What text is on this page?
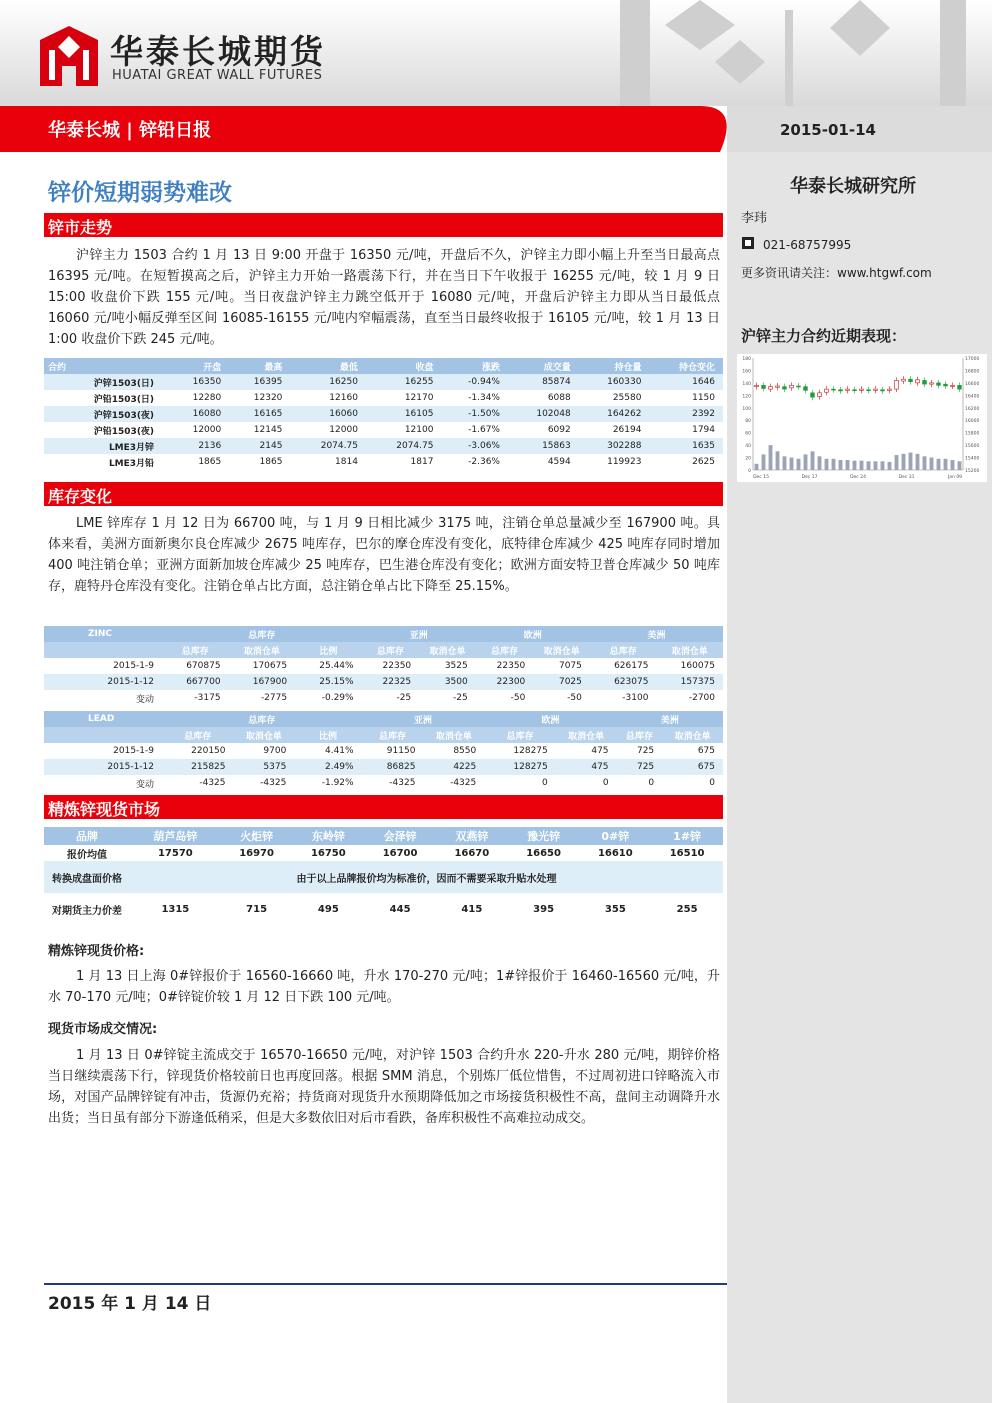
华泰长城期货
HUATAI GREAT WALL FUTURES
华泰长城 | 锌铅日报	2015-01-14
华泰长城研究所
李玮
021-68757995
更多资讯请关注：www.htgwf.com
沪锌主力合约近期表现：
180
160
140
120
100
80
60
40
20
0
17000
16800
16600
16400
16200
16000
15800
15600
15400
15200
Dec 15	Dec 17	Dec 24	Dec 31	Jan 09
锌价短期弱势难改
锌市走势

沪锌主力 1503 合约 1 月 13 日 9:00 开盘于 16350 元/吨，开盘后不久，沪锌主力即小幅上升至当日最高点 16395 元/吨。在短暂摸高之后，沪锌主力开始一路震荡下行，并在当日下午收报于 16255 元/吨，较 1 月 9 日 15:00 收盘价下跌 155 元/吨。当日夜盘沪锌主力跳空低开于 16080 元/吨，开盘后沪锌主力即从当日最低点 16060 元/吨小幅反弹至区间 16085-16155 元/吨内窄幅震荡，直至当日最终收报于 16105 元/吨，较 1 月 13 日 1:00 收盘价下跌 245 元/吨。

合约	开盘	最高	最低	收盘	涨跌	成交量	持仓量	持仓变化
沪锌1503(日)	16350	16395	16250	16255	-0.94%	85874	160330	1646
沪铅1503(日)	12280	12320	12160	12170	-1.34%	6088	25580	1150
沪锌1503(夜)	16080	16165	16060	16105	-1.50%	102048	164262	2392
沪铅1503(夜)	12000	12145	12000	12100	-1.67%	6092	26194	1794
LME3月锌	2136	2145	2074.75	2074.75	-3.06%	15863	302288	1635
LME3月铅	1865	1865	1814	1817	-2.36%	4594	119923	2625
库存变化

LME 锌库存 1 月 12 日为 66700 吨，与 1 月 9 日相比减少 3175 吨，注销仓单总量减少至 167900 吨。具体来看，美洲方面新奥尔良仓库减少 2675 吨库存，巴尔的摩仓库没有变化，底特律仓库减少 425 吨库存同时增加 400 吨注销仓单；亚洲方面新加坡仓库减少 25 吨库存，巴生港仓库没有变化；欧洲方面安特卫普仓库减少 50 吨库存，鹿特丹仓库没有变化。注销仓单占比方面，总注销仓单占比下降至 25.15%。

ZINC	总库存			亚洲		欧洲		美洲	
	总库存	取消仓单	比例	总库存	取消仓单	总库存	取消仓单	总库存	取消仓单
2015-1-9	670875	170675	25.44%	22350	3525	22350	7075	626175	160075
2015-1-12	667700	167900	25.15%	22325	3500	22300	7025	623075	157375
变动	-3175	-2775	-0.29%	-25	-25	-50	-50	-3100	-2700
LEAD	总库存			亚洲		欧洲		美洲	
	总库存	取消仓单	比例	总库存	取消仓单	总库存	取消仓单	总库存	取消仓单
2015-1-9	220150	9700	4.41%	91150	8550	128275	475	725	675
2015-1-12	215825	5375	2.49%	86825	4225	128275	475	725	675
变动	-4325	-4325	-1.92%	-4325	-4325	0	0	0	0
精炼锌现货市场
品牌	葫芦岛锌	火炬锌	东岭锌	会泽锌	双燕锌	豫光锌	0#锌	1#锌
报价均值	17570	16970	16750	16700	16670	16650	16610	16510
转换成盘面价格	由于以上品牌报价均为标准价，因而不需要采取升贴水处理							
对期货主力价差	1315	715	495	445	415	395	355	255
精炼锌现货价格:

1 月 13 日上海 0#锌报价于 16560-16660 吨，升水 170-270 元/吨；1#锌报价于 16460-16560 元/吨，升水 70-170 元/吨；0#锌锭价较 1 月 12 日下跌 100 元/吨。

现货市场成交情况:

1 月 13 日 0#锌锭主流成交于 16570-16650 元/吨，对沪锌 1503 合约升水 220-升水 280 元/吨，期锌价格当日继续震荡下行，锌现货价格较前日也再度回落。根据 SMM 消息，个别炼厂低位惜售，不过周初进口锌略流入市场，对国产品牌锌锭有冲击，货源仍充裕；持货商对现货升水预期降低加之市场接货积极性不高，盘间主动调降升水出货；当日虽有部分下游逢低稍采，但是大多数依旧对后市看跌，备库积极性不高难拉动成交。

2015 年 1 月 14 日
